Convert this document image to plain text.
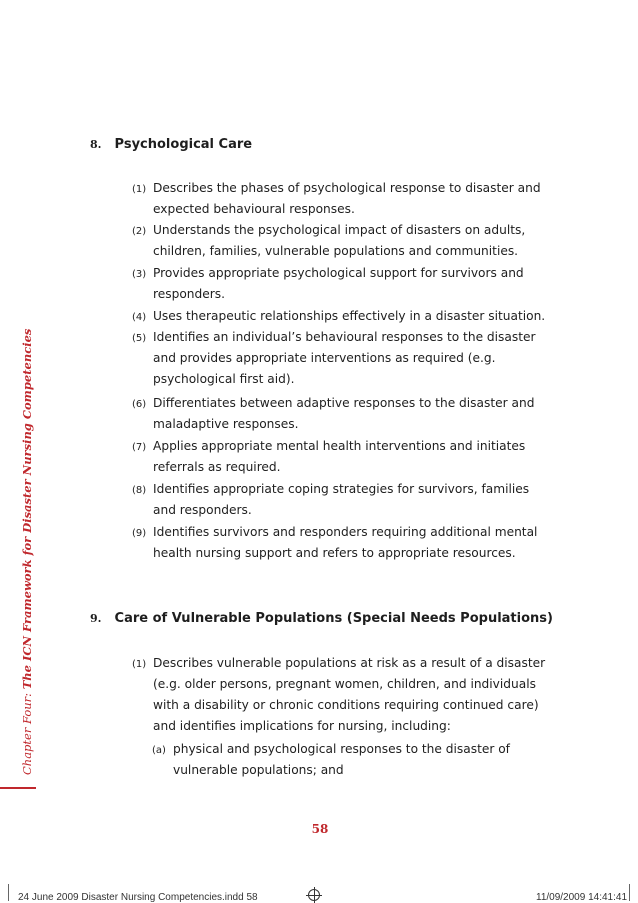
Chapter Four: The ICN Framework for Disaster Nursing Competencies
8. Psychological Care
(1) Describes the phases of psychological response to disaster and expected behavioural responses.
(2) Understands the psychological impact of disasters on adults, children, families, vulnerable populations and communities.
(3) Provides appropriate psychological support for survivors and responders.
(4) Uses therapeutic relationships effectively in a disaster situation.
(5) Identifies an individual’s behavioural responses to the disaster and provides appropriate interventions as required (e.g. psychological first aid).
(6) Differentiates between adaptive responses to the disaster and maladaptive responses.
(7) Applies appropriate mental health interventions and initiates referrals as required.
(8) Identifies appropriate coping strategies for survivors, families and responders.
(9) Identifies survivors and responders requiring additional mental health nursing support and refers to appropriate resources.
9. Care of Vulnerable Populations (Special Needs Populations)
(1) Describes vulnerable populations at risk as a result of a disaster (e.g. older persons, pregnant women, children, and individuals with a disability or chronic conditions requiring continued care) and identifies implications for nursing, including:
(a) physical and psychological responses to the disaster of vulnerable populations; and
58
24 June 2009 Disaster Nursing Competencies.indd 58	11/09/2009 14:41:41
